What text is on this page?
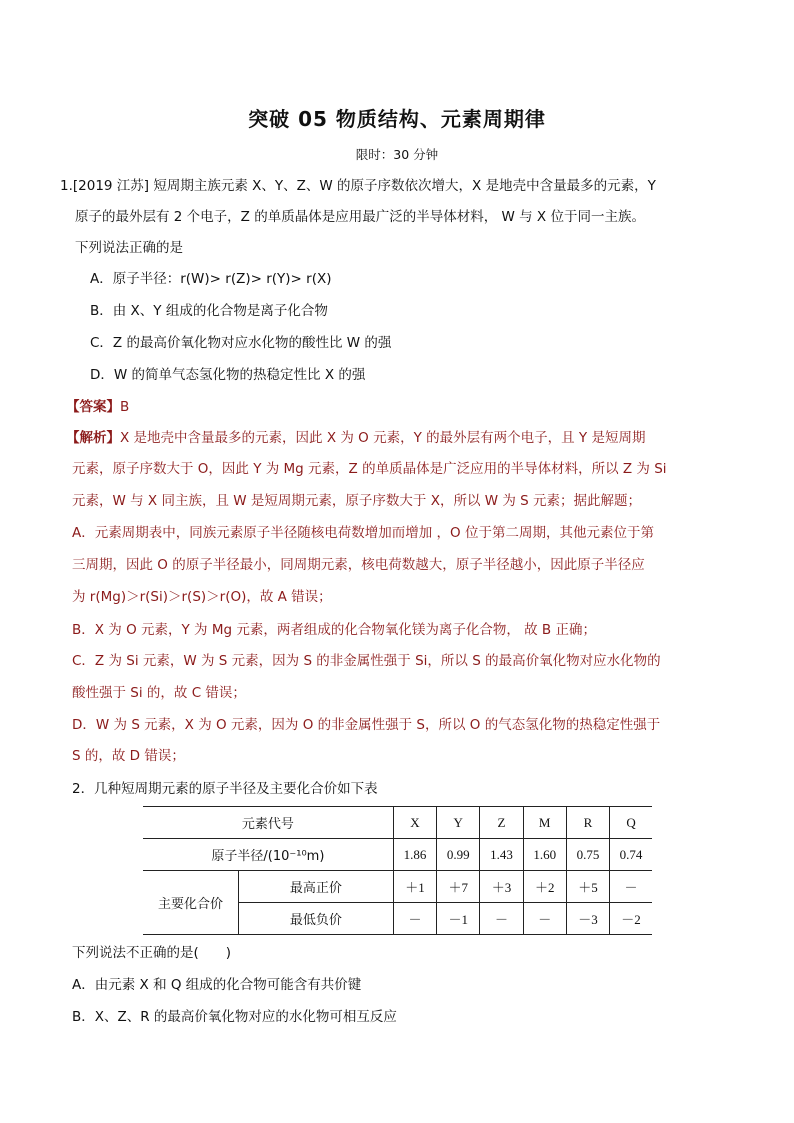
突破 05 物质结构、元素周期律
限时：30 分钟
1.[2019 江苏] 短周期主族元素 X、Y、Z、W 的原子序数依次增大，X 是地壳中含量最多的元素，Y
原子的最外层有 2 个电子，Z 的单质晶体是应用最广泛的半导体材料， W 与 X 位于同一主族。
下列说法正确的是
A．原子半径：r(W)> r(Z)> r(Y)> r(X)
B．由 X、Y 组成的化合物是离子化合物
C．Z 的最高价氧化物对应水化物的酸性比 W 的强
D．W 的简单气态氢化物的热稳定性比 X 的强
【答案】B
【解析】X 是地壳中含量最多的元素，因此 X 为 O 元素，Y 的最外层有两个电子，且 Y 是短周期
元素，原子序数大于 O，因此 Y 为 Mg 元素，Z 的单质晶体是广泛应用的半导体材料，所以 Z 为 Si
元素，W 与 X 同主族，且 W 是短周期元素，原子序数大于 X，所以 W 为 S 元素；据此解题；
A．元素周期表中，同族元素原子半径随核电荷数增加而增加 ，O 位于第二周期，其他元素位于第
三周期，因此 O 的原子半径最小，同周期元素，核电荷数越大，原子半径越小，因此原子半径应
为 r(Mg)＞r(Si)＞r(S)＞r(O)，故 A 错误；
B．X 为 O 元素，Y 为 Mg 元素，两者组成的化合物氧化镁为离子化合物， 故 B 正确；
C．Z 为 Si 元素，W 为 S 元素，因为 S 的非金属性强于 Si，所以 S 的最高价氧化物对应水化物的
酸性强于 Si 的，故 C 错误；
D．W 为 S 元素，X 为 O 元素，因为 O 的非金属性强于 S，所以 O 的气态氢化物的热稳定性强于
S 的，故 D 错误；
2．几种短周期元素的原子半径及主要化合价如下表
元素代号		X	Y	Z	M	R	Q
原子半径/(10⁻¹⁰m)		1.86	0.99	1.43	1.60	0.75	0.74
主要化合价	最高正价	＋1	＋7	＋3	＋2	＋5	－
	最低负价	－	－1	－	－	－3	－2
下列说法不正确的是(　　)
A．由元素 X 和 Q 组成的化合物可能含有共价键
B．X、Z、R 的最高价氧化物对应的水化物可相互反应
